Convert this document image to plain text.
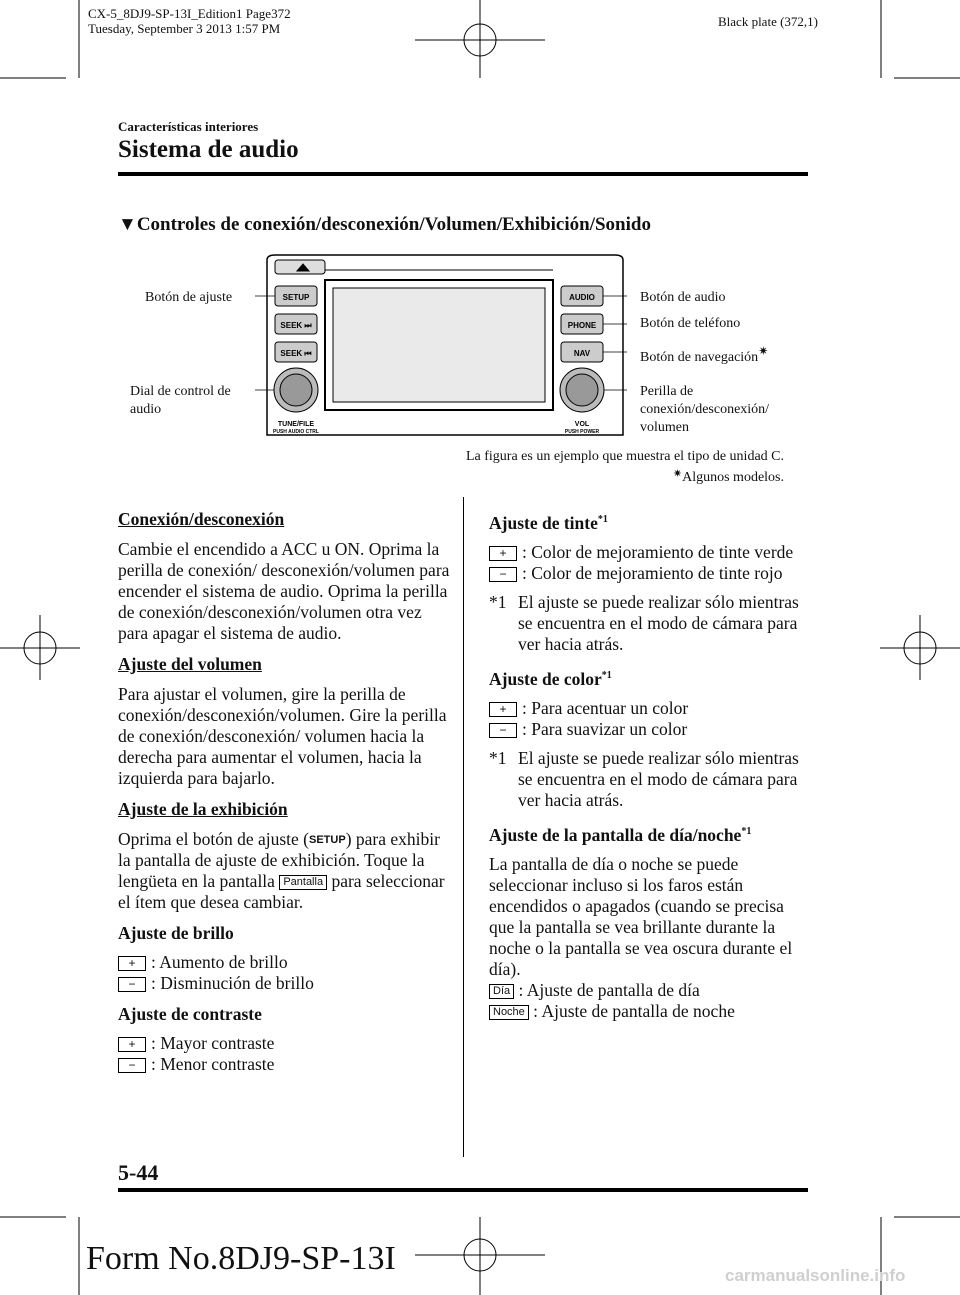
CX-5_8DJ9-SP-13I_Edition1 Page372
Tuesday, September 3 2013 1:57 PM	Black plate (372,1)
Características interiores
Sistema de audio
▼Controles de conexión/desconexión/Volumen/Exhibición/Sonido
SETUP
SEEK ⏭
SEEK ⏮
AUDIO
PHONE
NAV
TUNE/FILE
PUSH AUDIO CTRL
VOL
PUSH POWER
Botón de ajuste
Dial de control de audio
Botón de audio
Botón de teléfono
Botón de navegación✷
Perilla de conexión/desconexión/ volumen
La figura es un ejemplo que muestra el tipo de unidad C.
✷Algunos modelos.
Conexión/desconexión

Cambie el encendido a ACC u ON. Oprima la perilla de conexión/ desconexión/volumen para encender el sistema de audio. Oprima la perilla de conexión/desconexión/volumen otra vez para apagar el sistema de audio.

Ajuste del volumen

Para ajustar el volumen, gire la perilla de conexión/desconexión/volumen. Gire la perilla de conexión/desconexión/ volumen hacia la derecha para aumentar el volumen, hacia la izquierda para bajarlo.

Ajuste de la exhibición

Oprima el botón de ajuste (SETUP) para exhibir la pantalla de ajuste de exhibición. Toque la lengüeta en la pantalla Pantalla para seleccionar el ítem que desea cambiar.

Ajuste de brillo

+ : Aumento de brillo

− : Disminución de brillo

Ajuste de contraste

+ : Mayor contraste

− : Menor contraste

Ajuste de tinte$^{*1}$

+ : Color de mejoramiento de tinte verde

− : Color de mejoramiento de tinte rojo

*1 El ajuste se puede realizar sólo mientras se encuentra en el modo de cámara para ver hacia atrás.

Ajuste de color$^{*1}$

+ : Para acentuar un color

− : Para suavizar un color

*1 El ajuste se puede realizar sólo mientras se encuentra en el modo de cámara para ver hacia atrás.

Ajuste de la pantalla de día/noche$^{*1}$

La pantalla de día o noche se puede seleccionar incluso si los faros están encendidos o apagados (cuando se precisa que la pantalla se vea brillante durante la noche o la pantalla se vea oscura durante el día).

Día : Ajuste de pantalla de día

Noche : Ajuste de pantalla de noche

5-44
Form No.8DJ9-SP-13I	carmanualsonline.info
